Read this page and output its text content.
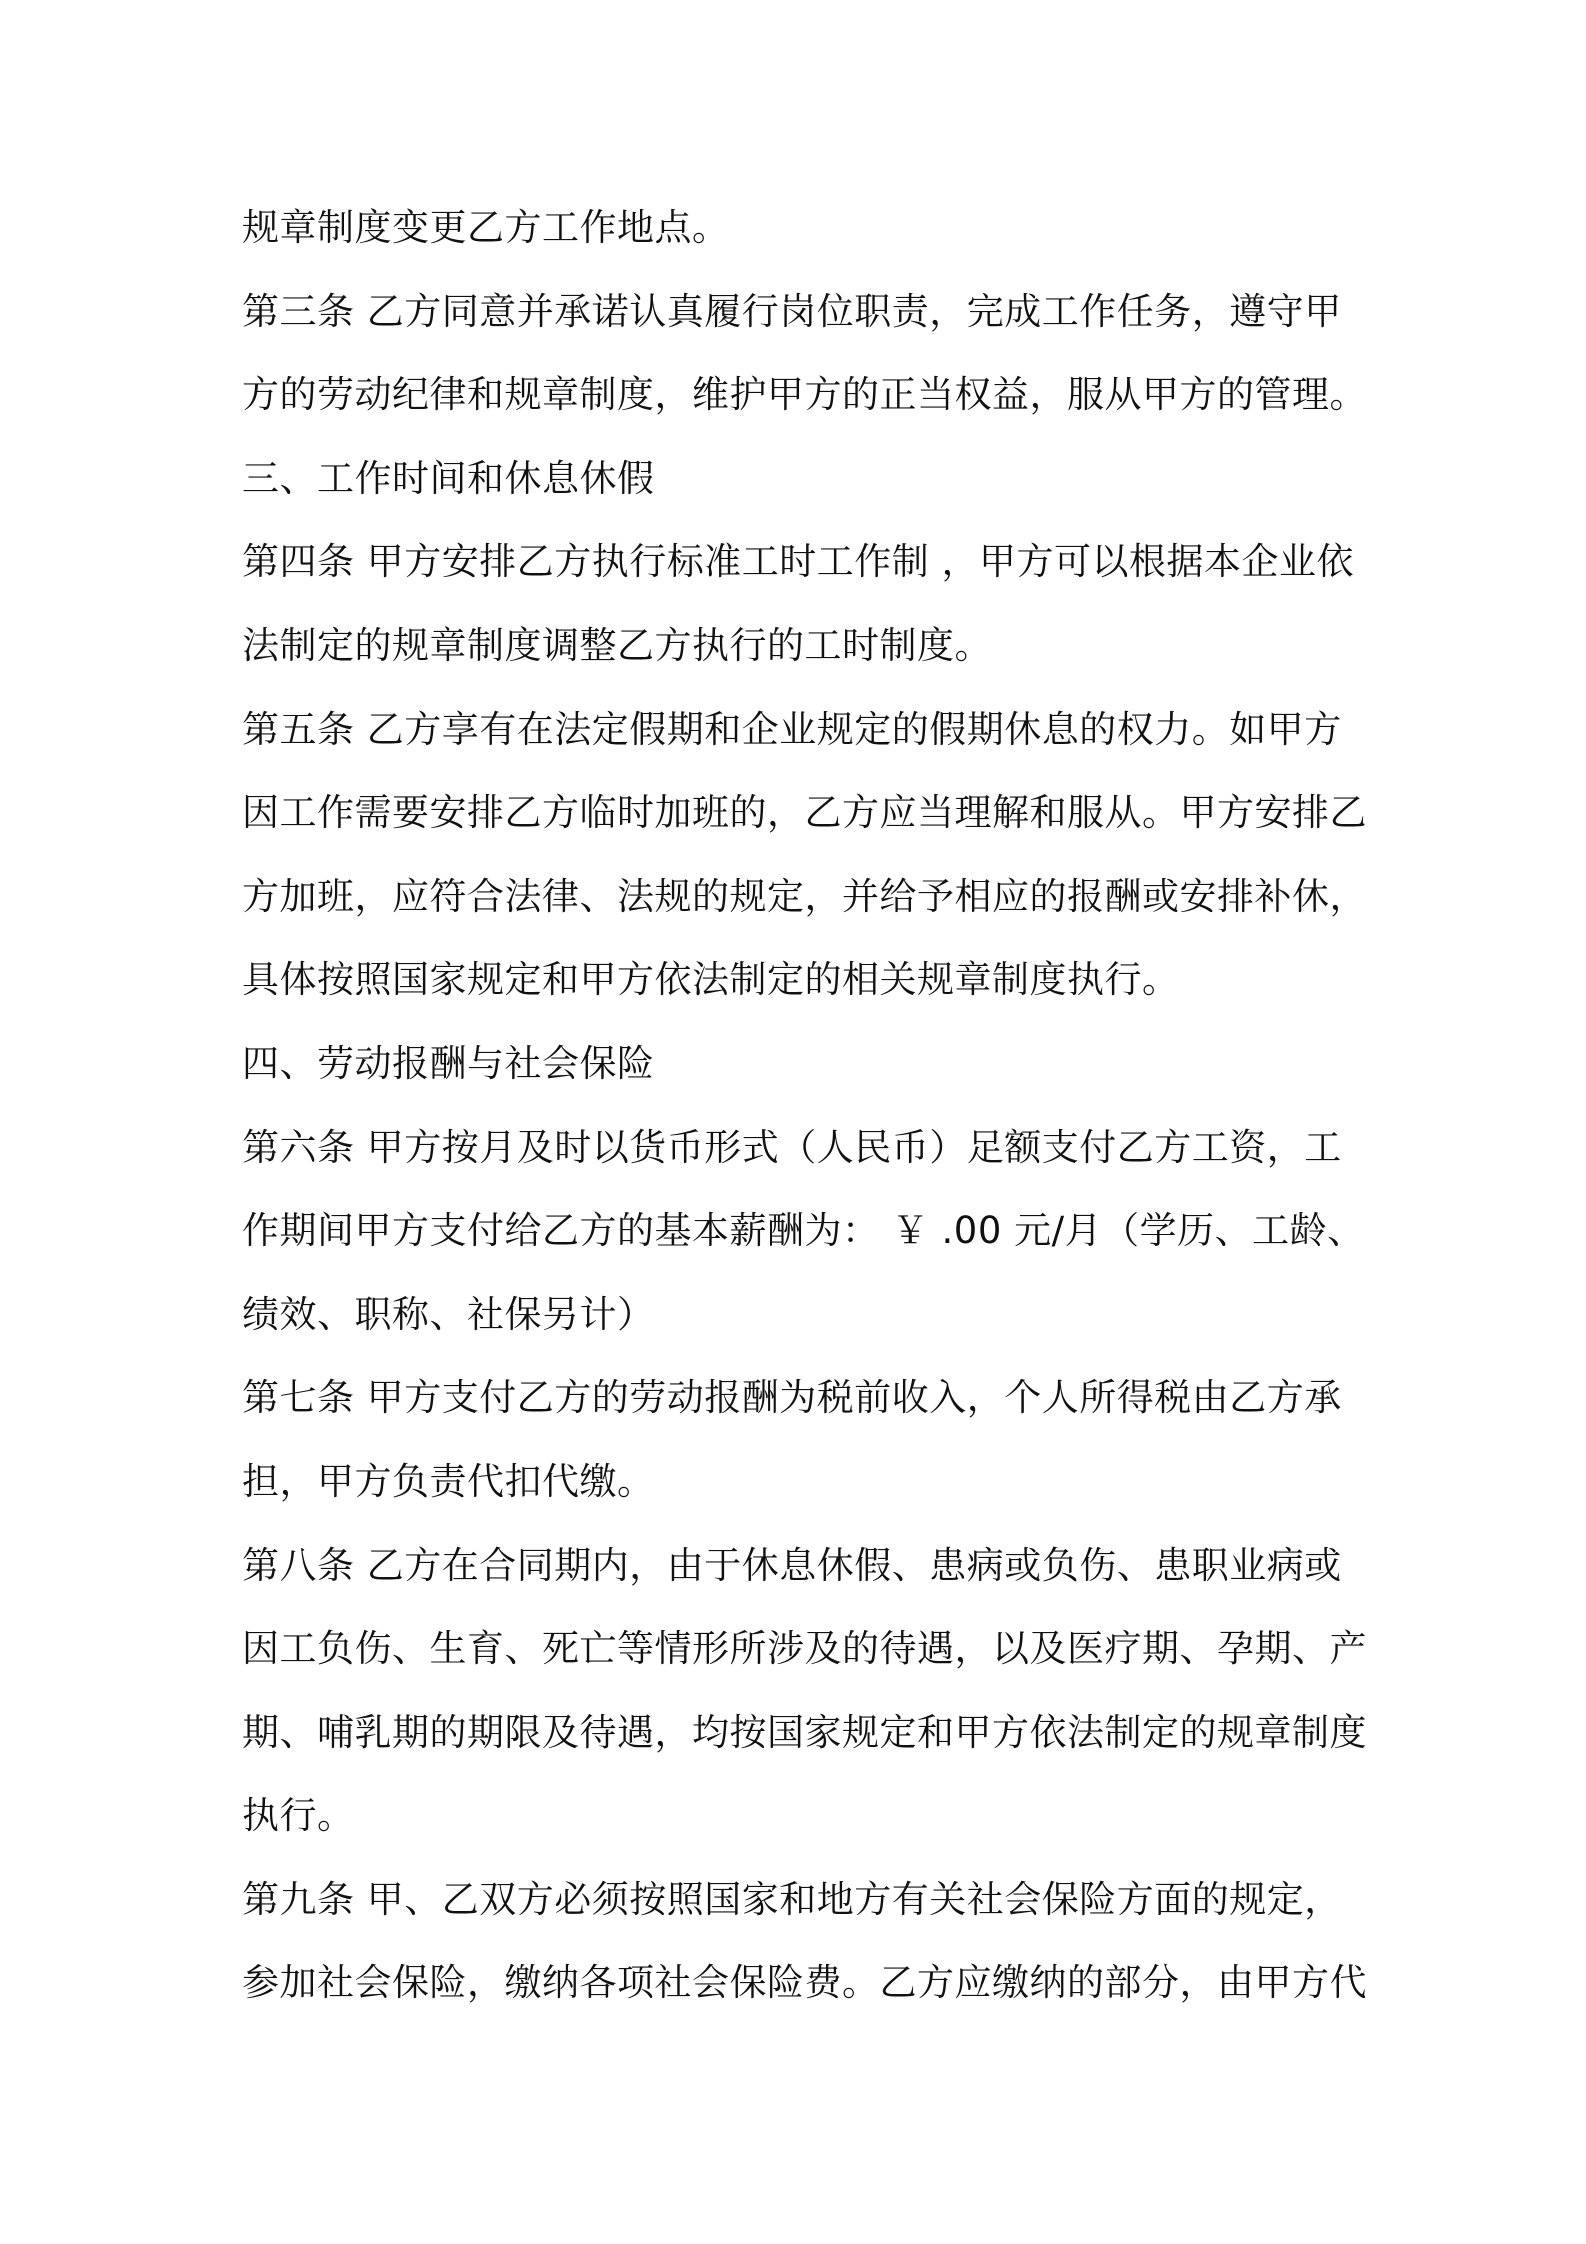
规章制度变更乙方工作地点。
第三条 乙方同意并承诺认真履行岗位职责，完成工作任务，遵守甲
方的劳动纪律和规章制度，维护甲方的正当权益，服从甲方的管理。
三、工作时间和休息休假
第四条 甲方安排乙方执行标准工时工作制 ，甲方可以根据本企业依
法制定的规章制度调整乙方执行的工时制度。
第五条 乙方享有在法定假期和企业规定的假期休息的权力。如甲方
因工作需要安排乙方临时加班的，乙方应当理解和服从。甲方安排乙
方加班，应符合法律、法规的规定，并给予相应的报酬或安排补休，
具体按照国家规定和甲方依法制定的相关规章制度执行。
四、劳动报酬与社会保险
第六条 甲方按月及时以货币形式（人民币）足额支付乙方工资，工
作期间甲方支付给乙方的基本薪酬为： ￥ .00 元/月（学历、工龄、
绩效、职称、社保另计）
第七条 甲方支付乙方的劳动报酬为税前收入，个人所得税由乙方承
担，甲方负责代扣代缴。
第八条 乙方在合同期内，由于休息休假、患病或负伤、患职业病或
因工负伤、生育、死亡等情形所涉及的待遇，以及医疗期、孕期、产
期、哺乳期的期限及待遇，均按国家规定和甲方依法制定的规章制度
执行。
第九条 甲、乙双方必须按照国家和地方有关社会保险方面的规定，
参加社会保险，缴纳各项社会保险费。乙方应缴纳的部分，由甲方代
